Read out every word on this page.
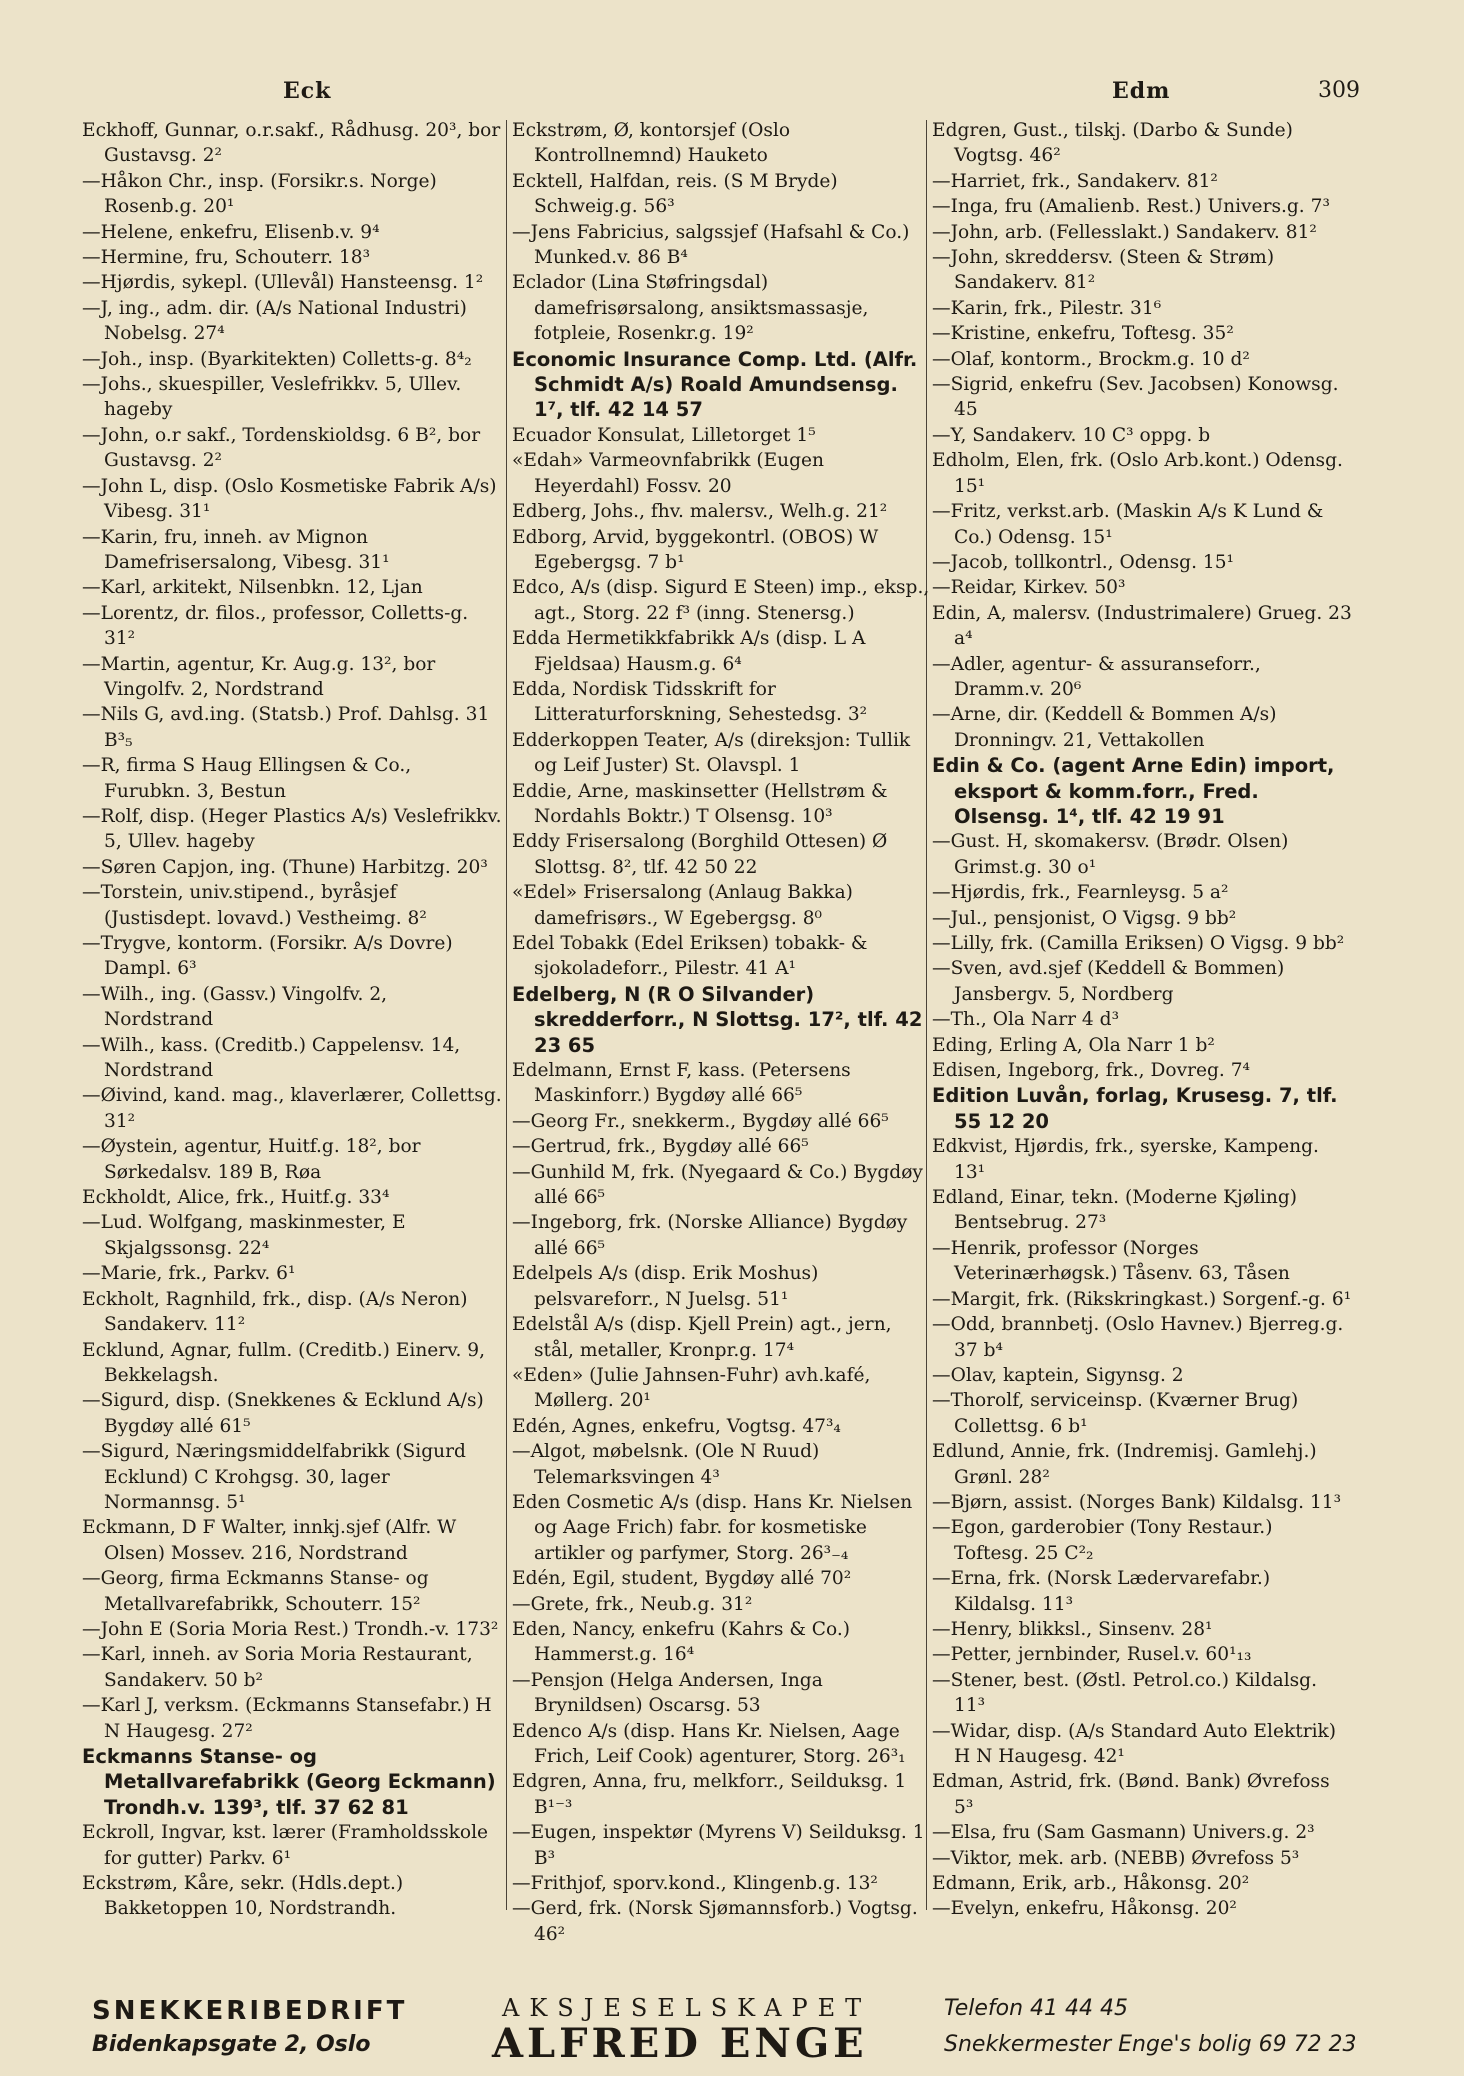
Eck	Edm	309

Eckhoff, Gunnar, o.r.sakf., Rådhusg. 20³, bor Gustavsg. 2²

—Håkon Chr., insp. (Forsikr.s. Norge) Rosenb.g. 20¹

—Helene, enkefru, Elisenb.v. 9⁴

—Hermine, fru, Schouterr. 18³

—Hjørdis, sykepl. (Ullevål) Hansteensg. 1²

—J, ing., adm. dir. (A/s National Industri) Nobelsg. 27⁴

—Joh., insp. (Byarkitekten) Colletts-g. 8⁴₂

—Johs., skuespiller, Veslefrikkv. 5, Ullev. hageby

—John, o.r sakf., Tordenskioldsg. 6 B², bor Gustavsg. 2²

—John L, disp. (Oslo Kosmetiske Fabrik A/s) Vibesg. 31¹

—Karin, fru, inneh. av Mignon Damefrisersalong, Vibesg. 31¹

—Karl, arkitekt, Nilsenbkn. 12, Ljan

—Lorentz, dr. filos., professor, Colletts-g. 31²

—Martin, agentur, Kr. Aug.g. 13², bor Vingolfv. 2, Nordstrand

—Nils G, avd.ing. (Statsb.) Prof. Dahlsg. 31 B³₅

—R, firma S Haug Ellingsen & Co., Furubkn. 3, Bestun

—Rolf, disp. (Heger Plastics A/s) Veslefrikkv. 5, Ullev. hageby

—Søren Capjon, ing. (Thune) Harbitzg. 20³

—Torstein, univ.stipend., byråsjef (Justisdept. lovavd.) Vestheimg. 8²

—Trygve, kontorm. (Forsikr. A/s Dovre) Dampl. 6³

—Wilh., ing. (Gassv.) Vingolfv. 2, Nordstrand

—Wilh., kass. (Creditb.) Cappelensv. 14, Nordstrand

—Øivind, kand. mag., klaverlærer, Collettsg. 31²

—Øystein, agentur, Huitf.g. 18², bor Sørkedalsv. 189 B, Røa

Eckholdt, Alice, frk., Huitf.g. 33⁴

—Lud. Wolfgang, maskinmester, E Skjalgssonsg. 22⁴

—Marie, frk., Parkv. 6¹

Eckholt, Ragnhild, frk., disp. (A/s Neron) Sandakerv. 11²

Ecklund, Agnar, fullm. (Creditb.) Einerv. 9, Bekkelagsh.

—Sigurd, disp. (Snekkenes & Ecklund A/s) Bygdøy allé 61⁵

—Sigurd, Næringsmiddelfabrikk (Sigurd Ecklund) C Krohgsg. 30, lager Normannsg. 5¹

Eckmann, D F Walter, innkj.sjef (Alfr. W Olsen) Mossev. 216, Nordstrand

—Georg, firma Eckmanns Stanse- og Metallvarefabrikk, Schouterr. 15²

—John E (Soria Moria Rest.) Trondh.-v. 173²

—Karl, inneh. av Soria Moria Restaurant, Sandakerv. 50 b²

—Karl J, verksm. (Eckmanns Stansefabr.) H N Haugesg. 27²

Eckmanns Stanse- og Metallvarefabrikk (Georg Eckmann) Trondh.v. 139³, tlf. 37 62 81

Eckroll, Ingvar, kst. lærer (Framholdsskole for gutter) Parkv. 6¹

Eckstrøm, Kåre, sekr. (Hdls.dept.) Bakketoppen 10, Nordstrandh.

Eckstrøm, Ø, kontorsjef (Oslo Kontrollnemnd) Hauketo

Ecktell, Halfdan, reis. (S M Bryde) Schweig.g. 56³

—Jens Fabricius, salgssjef (Hafsahl & Co.) Munked.v. 86 B⁴

Eclador (Lina Støfringsdal) damefrisørsalong, ansiktsmassasje, fotpleie, Rosenkr.g. 19²

Economic Insurance Comp. Ltd. (Alfr. Schmidt A/s) Roald Amundsensg. 1⁷, tlf. 42 14 57

Ecuador Konsulat, Lilletorget 1⁵

«Edah» Varmeovnfabrikk (Eugen Heyerdahl) Fossv. 20

Edberg, Johs., fhv. malersv., Welh.g. 21²

Edborg, Arvid, byggekontrl. (OBOS) W Egebergsg. 7 b¹

Edco, A/s (disp. Sigurd E Steen) imp., eksp., agt., Storg. 22 f³ (inng. Stenersg.)

Edda Hermetikkfabrikk A/s (disp. L A Fjeldsaa) Hausm.g. 6⁴

Edda, Nordisk Tidsskrift for Litteraturforskning, Sehestedsg. 3²

Edderkoppen Teater, A/s (direksjon: Tullik og Leif Juster) St. Olavspl. 1

Eddie, Arne, maskinsetter (Hellstrøm & Nordahls Boktr.) T Olsensg. 10³

Eddy Frisersalong (Borghild Ottesen) Ø Slottsg. 8², tlf. 42 50 22

«Edel» Frisersalong (Anlaug Bakka) damefrisørs., W Egebergsg. 8⁰

Edel Tobakk (Edel Eriksen) tobakk- & sjokoladeforr., Pilestr. 41 A¹

Edelberg, N (R O Silvander) skredderforr., N Slottsg. 17², tlf. 42 23 65

Edelmann, Ernst F, kass. (Petersens Maskinforr.) Bygdøy allé 66⁵

—Georg Fr., snekkerm., Bygdøy allé 66⁵

—Gertrud, frk., Bygdøy allé 66⁵

—Gunhild M, frk. (Nyegaard & Co.) Bygdøy allé 66⁵

—Ingeborg, frk. (Norske Alliance) Bygdøy allé 66⁵

Edelpels A/s (disp. Erik Moshus) pelsvareforr., N Juelsg. 51¹

Edelstål A/s (disp. Kjell Prein) agt., jern, stål, metaller, Kronpr.g. 17⁴

«Eden» (Julie Jahnsen-Fuhr) avh.kafé, Møllerg. 20¹

Edén, Agnes, enkefru, Vogtsg. 47³₄

—Algot, møbelsnk. (Ole N Ruud) Telemarksvingen 4³

Eden Cosmetic A/s (disp. Hans Kr. Nielsen og Aage Frich) fabr. for kosmetiske artikler og parfymer, Storg. 26³₋₄

Edén, Egil, student, Bygdøy allé 70²

—Grete, frk., Neub.g. 31²

Eden, Nancy, enkefru (Kahrs & Co.) Hammerst.g. 16⁴

—Pensjon (Helga Andersen, Inga Brynildsen) Oscarsg. 53

Edenco A/s (disp. Hans Kr. Nielsen, Aage Frich, Leif Cook) agenturer, Storg. 26³₁

Edgren, Anna, fru, melkforr., Seilduksg. 1 B¹⁻³

—Eugen, inspektør (Myrens V) Seilduksg. 1 B³

—Frithjof, sporv.kond., Klingenb.g. 13²

—Gerd, frk. (Norsk Sjømannsforb.) Vogtsg. 46²

Edgren, Gust., tilskj. (Darbo & Sunde) Vogtsg. 46²

—Harriet, frk., Sandakerv. 81²

—Inga, fru (Amalienb. Rest.) Univers.g. 7³

—John, arb. (Fellesslakt.) Sandakerv. 81²

—John, skreddersv. (Steen & Strøm) Sandakerv. 81²

—Karin, frk., Pilestr. 31⁶

—Kristine, enkefru, Toftesg. 35²

—Olaf, kontorm., Brockm.g. 10 d²

—Sigrid, enkefru (Sev. Jacobsen) Konowsg. 45

—Y, Sandakerv. 10 C³ oppg. b

Edholm, Elen, frk. (Oslo Arb.kont.) Odensg. 15¹

—Fritz, verkst.arb. (Maskin A/s K Lund & Co.) Odensg. 15¹

—Jacob, tollkontrl., Odensg. 15¹

—Reidar, Kirkev. 50³

Edin, A, malersv. (Industrimalere) Grueg. 23 a⁴

—Adler, agentur- & assuranseforr., Dramm.v. 20⁶

—Arne, dir. (Keddell & Bommen A/s) Dronningv. 21, Vettakollen

Edin & Co. (agent Arne Edin) import, eksport & komm.forr., Fred. Olsensg. 1⁴, tlf. 42 19 91

—Gust. H, skomakersv. (Brødr. Olsen) Grimst.g. 30 o¹

—Hjørdis, frk., Fearnleysg. 5 a²

—Jul., pensjonist, O Vigsg. 9 bb²

—Lilly, frk. (Camilla Eriksen) O Vigsg. 9 bb²

—Sven, avd.sjef (Keddell & Bommen) Jansbergv. 5, Nordberg

—Th., Ola Narr 4 d³

Eding, Erling A, Ola Narr 1 b²

Edisen, Ingeborg, frk., Dovreg. 7⁴

Edition Luvån, forlag, Krusesg. 7, tlf. 55 12 20

Edkvist, Hjørdis, frk., syerske, Kampeng. 13¹

Edland, Einar, tekn. (Moderne Kjøling) Bentsebrug. 27³

—Henrik, professor (Norges Veterinærhøgsk.) Tåsenv. 63, Tåsen

—Margit, frk. (Rikskringkast.) Sorgenf.-g. 6¹

—Odd, brannbetj. (Oslo Havnev.) Bjerreg.g. 37 b⁴

—Olav, kaptein, Sigynsg. 2

—Thorolf, serviceinsp. (Kværner Brug) Collettsg. 6 b¹

Edlund, Annie, frk. (Indremisj. Gamlehj.) Grønl. 28²

—Bjørn, assist. (Norges Bank) Kildalsg. 11³

—Egon, garderobier (Tony Restaur.) Toftesg. 25 C²₂

—Erna, frk. (Norsk Lædervarefabr.) Kildalsg. 11³

—Henry, blikksl., Sinsenv. 28¹

—Petter, jernbinder, Rusel.v. 60¹₁₃

—Stener, best. (Østl. Petrol.co.) Kildalsg. 11³

—Widar, disp. (A/s Standard Auto Elektrik) H N Haugesg. 42¹

Edman, Astrid, frk. (Bønd. Bank) Øvrefoss 5³

—Elsa, fru (Sam Gasmann) Univers.g. 2³

—Viktor, mek. arb. (NEBB) Øvrefoss 5³

Edmann, Erik, arb., Håkonsg. 20²

—Evelyn, enkefru, Håkonsg. 20²

SNEKKERIBEDRIFT
Bidenkapsgate 2, Oslo
AKSJESELSKAPET
ALFRED ENGE
Telefon 41 44 45
Snekkermester Enge's bolig 69 72 23
